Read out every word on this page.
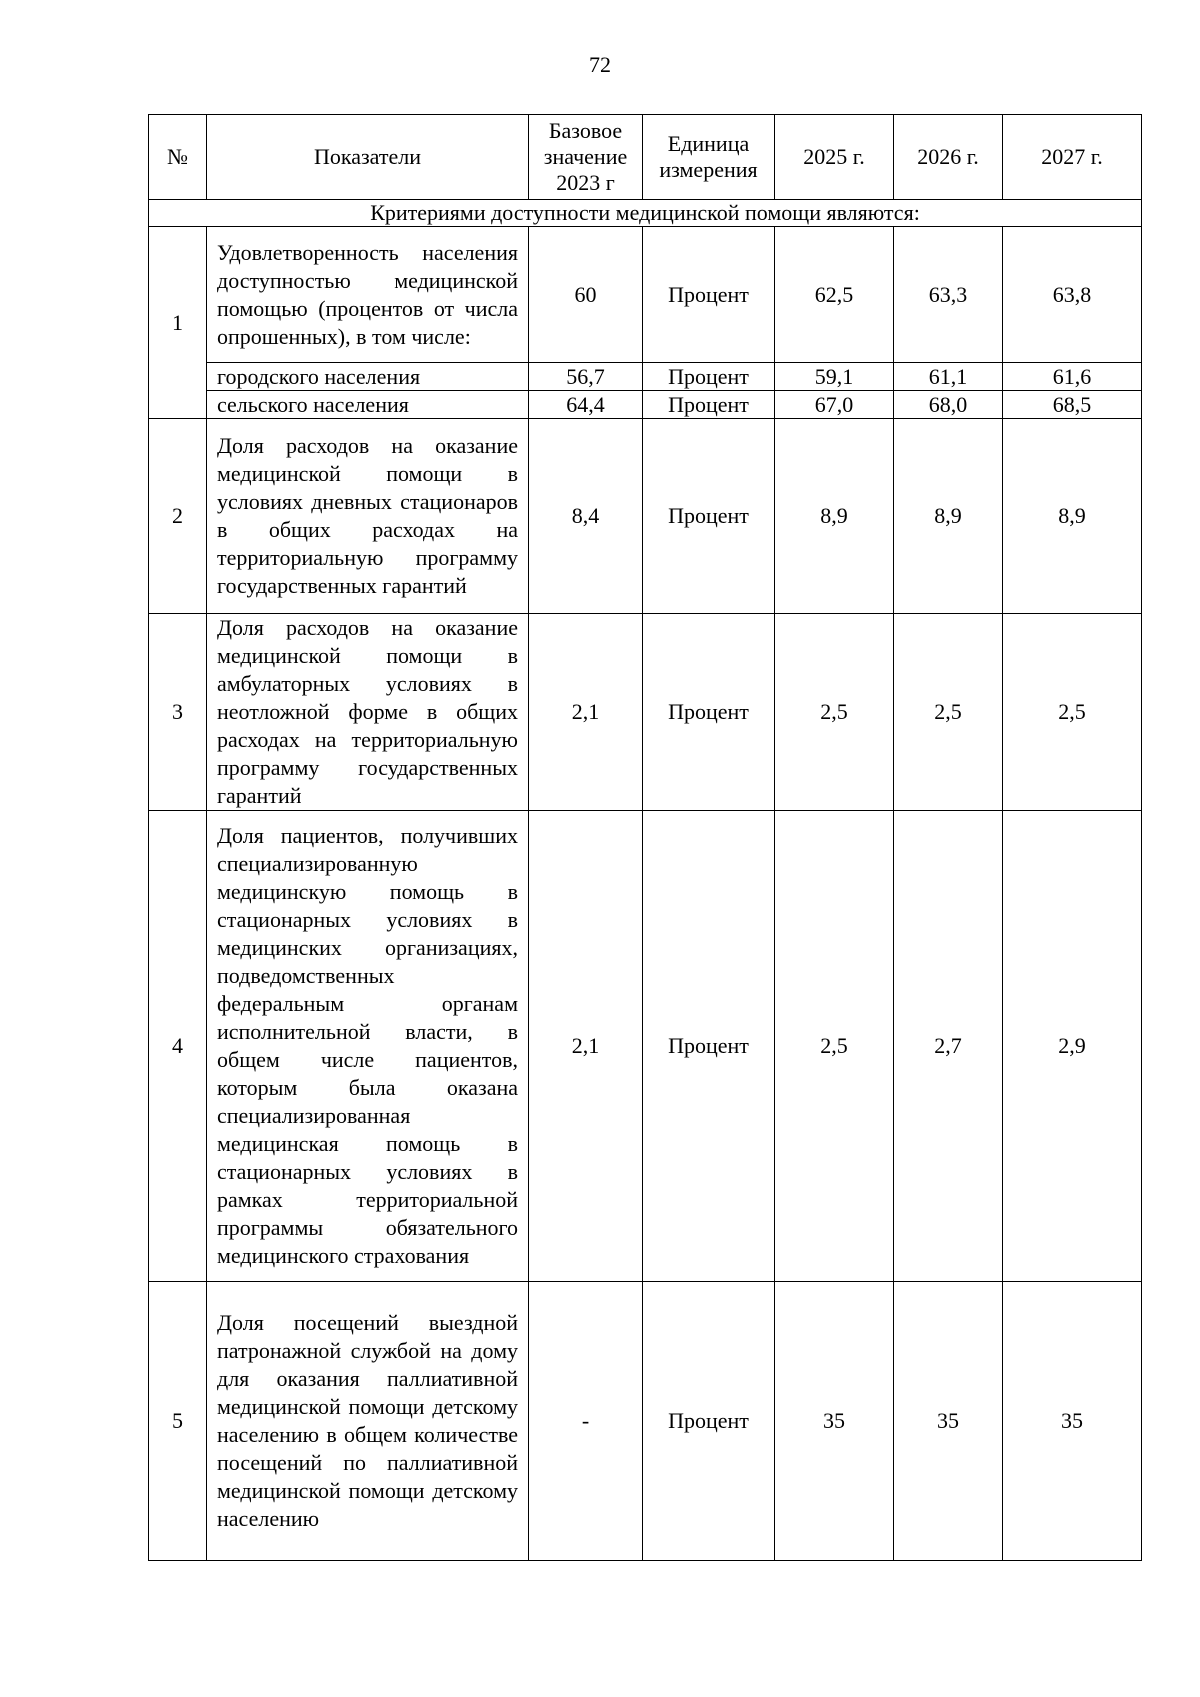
72
№	Показатели	Базовое значение 2023 г	Единица измерения	2025 г.	2026 г.	2027 г.
Критериями доступности медицинской помощи являются:						
1	Удовлетворенность населения доступностью медицинской помощью (процентов от числа опрошенных), в том числе:	60	Процент	62,5	63,3	63,8
	городского населения	56,7	Процент	59,1	61,1	61,6
	сельского населения	64,4	Процент	67,0	68,0	68,5
2	Доля расходов на оказание медицинской помощи в условиях дневных стационаров в общих расходах на территориальную программу государственных гарантий	8,4	Процент	8,9	8,9	8,9
3	Доля расходов на оказание медицинской помощи в амбулаторных условиях в неотложной форме в общих расходах на территориальную программу государственных гарантий	2,1	Процент	2,5	2,5	2,5
4	Доля пациентов, получивших специализированную медицинскую помощь в стационарных условиях в медицинских организациях, подведомственных федеральным органам исполнительной власти, в общем числе пациентов, которым была оказана специализированная медицинская помощь в стационарных условиях в рамках территориальной программы обязательного медицинского страхования	2,1	Процент	2,5	2,7	2,9
5	Доля посещений выездной патронажной службой на дому для оказания паллиативной медицинской помощи детскому населению в общем количестве посещений по паллиативной медицинской помощи детскому населению	-	Процент	35	35	35
